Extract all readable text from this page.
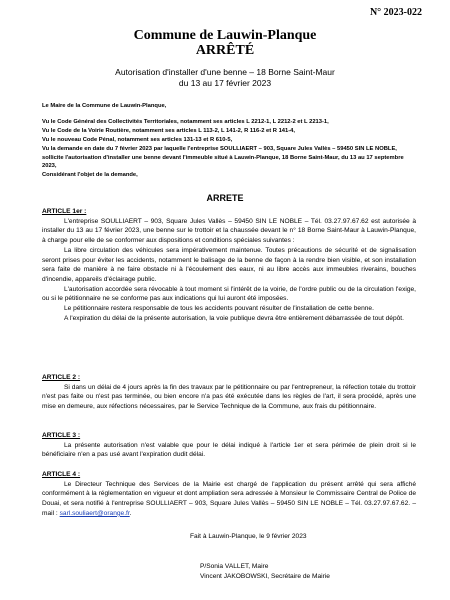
N° 2023-022
Commune de Lauwin-Planque
ARRÊTÉ
Autorisation d'installer d'une benne – 18 Borne Saint-Maur
du 13 au 17 février 2023

Le Maire de la Commune de Lauwin-Planque,

Vu le Code Général des Collectivités Territoriales, notamment ses articles L 2212-1, L 2212-2 et L 2213-1,

Vu le Code de la Voirie Routière, notamment ses articles L 113-2, L 141-2, R 116-2 et R 141-4,

Vu le nouveau Code Pénal, notamment ses articles 131-13 et R 610-5,

Vu la demande en date du 7 février 2023 par laquelle l'entreprise SOULLIAERT – 903, Square Jules Vallès – 59450 SIN LE NOBLE, sollicite l'autorisation d'installer une benne devant l'immeuble situé à Lauwin-Planque, 18 Borne Saint-Maur, du 13 au 17 septembre 2023,

Considérant l'objet de la demande,

ARRETE

ARTICLE 1er :

L'entreprise SOULLIAERT – 903, Square Jules Vallès – 59450 SIN LE NOBLE – Tél. 03.27.97.67.62 est autorisée à installer du 13 au 17 février 2023, une benne sur le trottoir et la chaussée devant le n° 18 Borne Saint-Maur à Lauwin-Planque, à charge pour elle de se conformer aux dispositions et conditions spéciales suivantes :

La libre circulation des véhicules sera impérativement maintenue. Toutes précautions de sécurité et de signalisation seront prises pour éviter les accidents, notamment le balisage de la benne de façon à la rendre bien visible, et son installation sera faite de manière à ne faire obstacle ni à l'écoulement des eaux, ni au libre accès aux immeubles riverains, bouches d'incendie, appareils d'éclairage public.

L'autorisation accordée sera révocable à tout moment si l'intérêt de la voirie, de l'ordre public ou de la circulation l'exige, ou si le pétitionnaire ne se conforme pas aux indications qui lui auront été imposées.

Le pétitionnaire restera responsable de tous les accidents pouvant résulter de l'installation de cette benne.

A l'expiration du délai de la présente autorisation, la voie publique devra être entièrement débarrassée de tout dépôt.

ARTICLE 2 :

Si dans un délai de 4 jours après la fin des travaux par le pétitionnaire ou par l'entrepreneur, la réfection totale du trottoir n'est pas faite ou n'est pas terminée, ou bien encore n'a pas été exécutée dans les règles de l'art, il sera procédé, après une mise en demeure, aux réfections nécessaires, par le Service Technique de la Commune, aux frais du pétitionnaire.

ARTICLE 3 :

La présente autorisation n'est valable que pour le délai indiqué à l'article 1er et sera périmée de plein droit si le bénéficiaire n'en a pas usé avant l'expiration dudit délai.

ARTICLE 4 :

Le Directeur Technique des Services de la Mairie est chargé de l'application du présent arrêté qui sera affiché conformément à la réglementation en vigueur et dont ampliation sera adressée à Monsieur le Commissaire Central de Police de Douai, et sera notifié à l'entreprise SOULLIAERT – 903, Square Jules Vallès – 59450 SIN LE NOBLE – Tél. 03.27.97.67.62. – mail : sarl.souliaert@orange.fr.

Fait à Lauwin-Planque, le 9 février 2023
P/Sonia VALLET, Maire
Vincent JAKOBOWSKI, Secrétaire de Mairie
